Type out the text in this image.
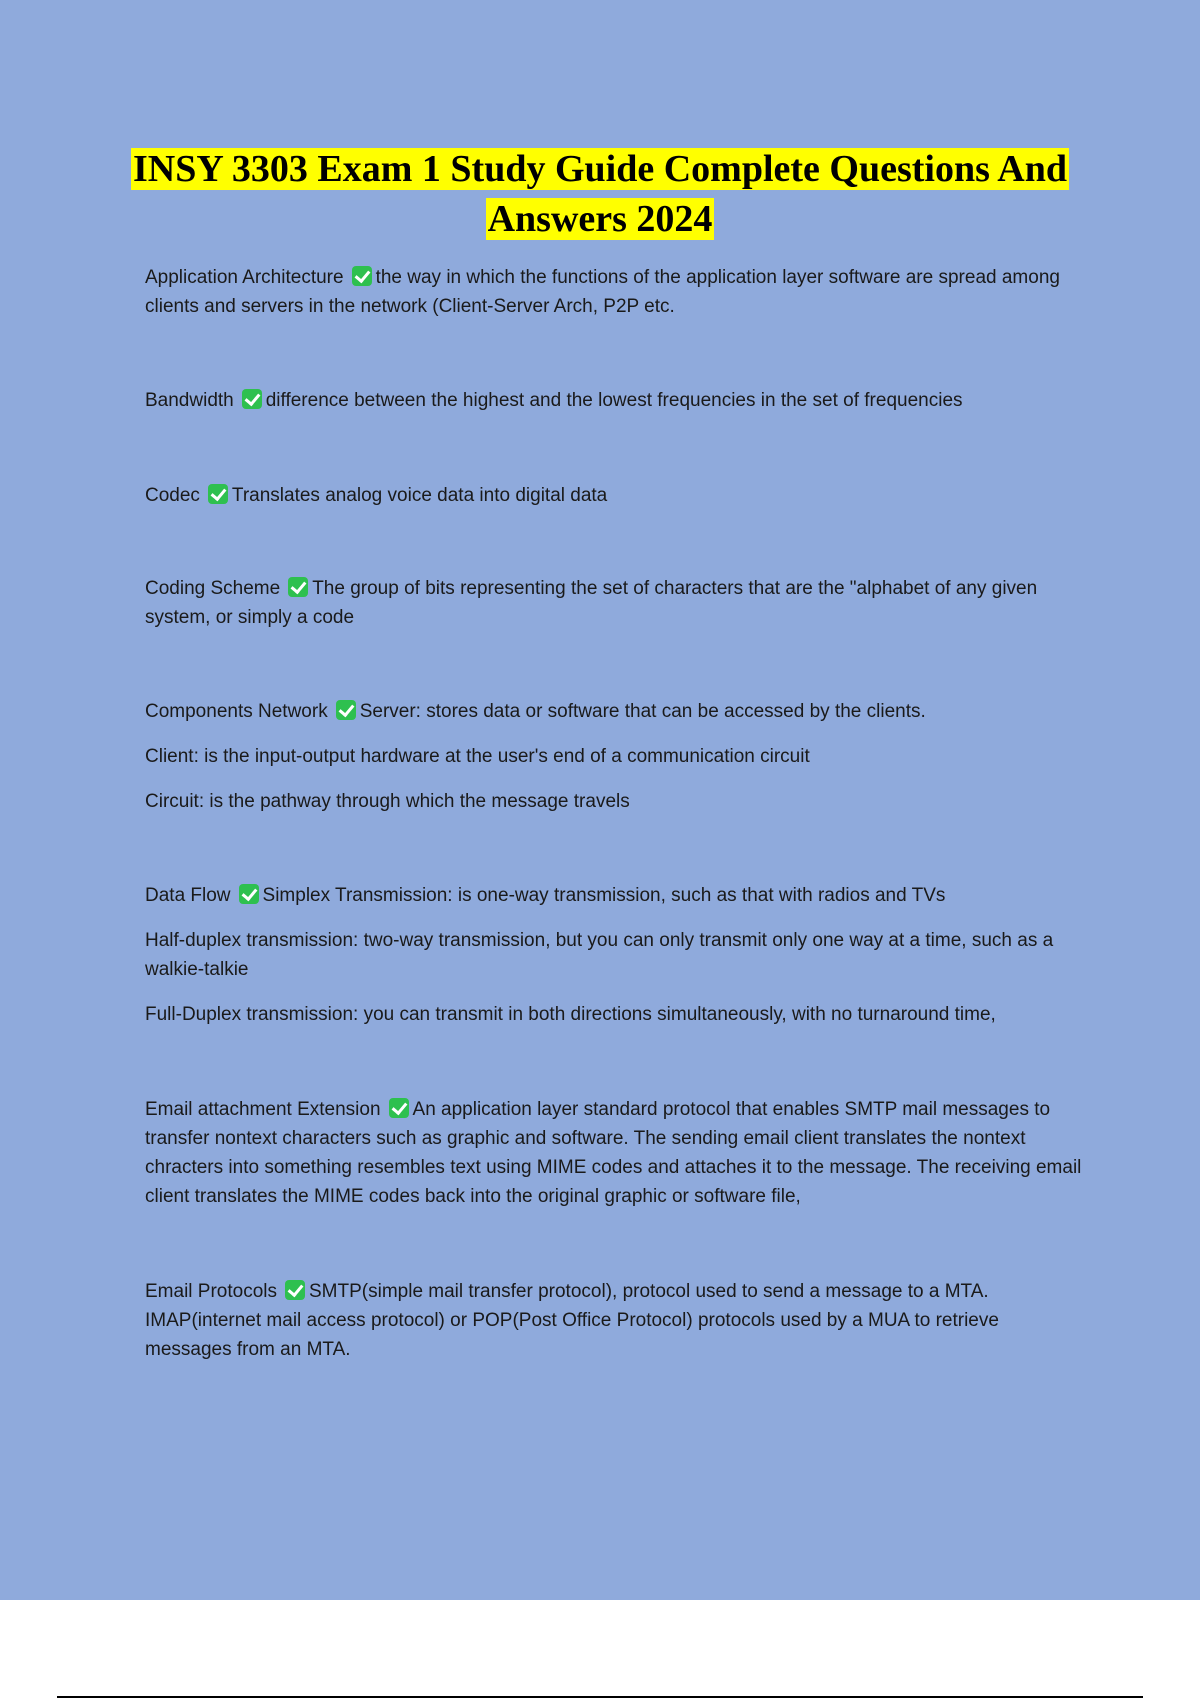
INSY 3303 Exam 1 Study Guide Complete Questions And Answers 2024

Application Architecture the way in which the functions of the application layer software are spread among clients and servers in the network (Client-Server Arch, P2P etc.

Bandwidth difference between the highest and the lowest frequencies in the set of frequencies

Codec Translates analog voice data into digital data

Coding Scheme The group of bits representing the set of characters that are the "alphabet of any given system, or simply a code

Components Network Server: stores data or software that can be accessed by the clients.

Client: is the input-output hardware at the user's end of a communication circuit

Circuit: is the pathway through which the message travels

Data Flow Simplex Transmission: is one-way transmission, such as that with radios and TVs

Half-duplex transmission: two-way transmission, but you can only transmit only one way at a time, such as a walkie-talkie

Full-Duplex transmission: you can transmit in both directions simultaneously, with no turnaround time,

Email attachment Extension An application layer standard protocol that enables SMTP mail messages to transfer nontext characters such as graphic and software. The sending email client translates the nontext chracters into something resembles text using MIME codes and attaches it to the message. The receiving email client translates the MIME codes back into the original graphic or software file,

Email Protocols SMTP(simple mail transfer protocol), protocol used to send a message to a MTA. IMAP(internet mail access protocol) or POP(Post Office Protocol) protocols used by a MUA to retrieve messages from an MTA.
